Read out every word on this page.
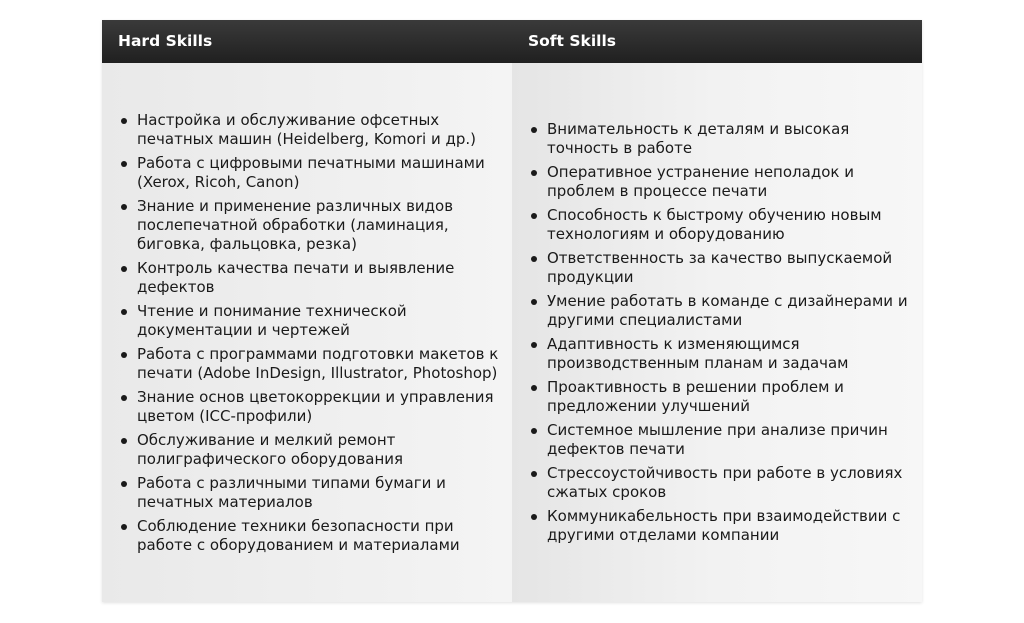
Hard Skills	Soft Skills
Настройка и обслуживание офсетных печатных машин (Heidelberg, Komori и др.)
Работа с цифровыми печатными машинами (Xerox, Ricoh, Canon)
Знание и применение различных видов послепечатной обработки (ламинация, биговка, фальцовка, резка)
Контроль качества печати и выявление дефектов
Чтение и понимание технической документации и чертежей
Работа с программами подготовки макетов к печати (Adobe InDesign, Illustrator, Photoshop)
Знание основ цветокоррекции и управления цветом (ICC-профили)
Обслуживание и мелкий ремонт полиграфического оборудования
Работа с различными типами бумаги и печатных материалов
Соблюдение техники безопасности при работе с оборудованием и материалами
Внимательность к деталям и высокая точность в работе
Оперативное устранение неполадок и проблем в процессе печати
Способность к быстрому обучению новым технологиям и оборудованию
Ответственность за качество выпускаемой продукции
Умение работать в команде с дизайнерами и другими специалистами
Адаптивность к изменяющимся производственным планам и задачам
Проактивность в решении проблем и предложении улучшений
Системное мышление при анализе причин дефектов печати
Стрессоустойчивость при работе в условиях сжатых сроков
Коммуникабельность при взаимодействии с другими отделами компании
